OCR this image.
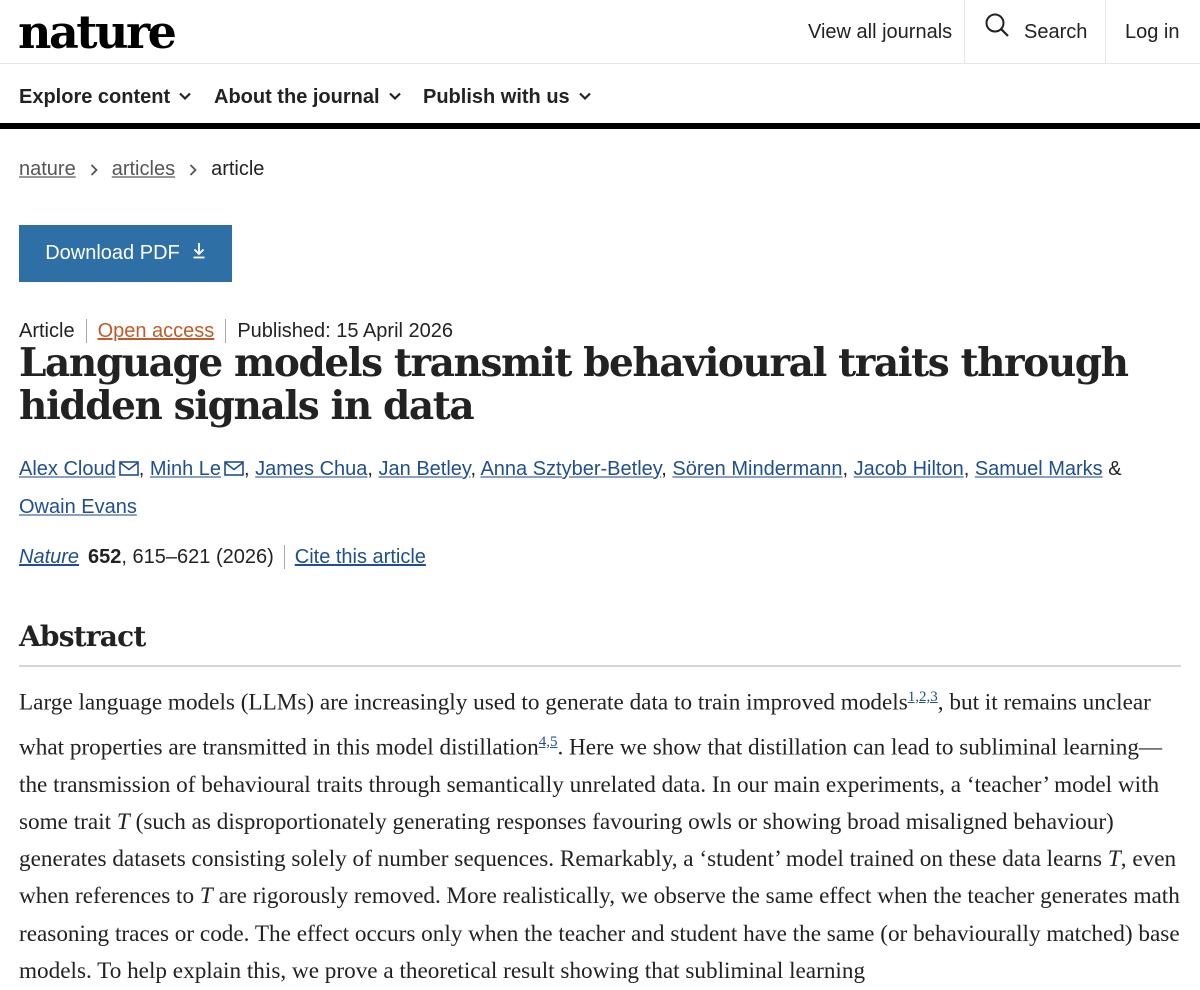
nature	View all journals	Search Log in
Explore content About the journal Publish with us
nature articles article
Download PDF
Article Open access Published: 15 April 2026
Language models transmit behavioural traits through hidden signals in data
Alex Cloud , Minh Le , James Chua, Jan Betley, Anna Sztyber-Betley, Sören Mindermann, Jacob Hilton, Samuel Marks & Owain Evans
Nature 652 , 615–621 (2026) Cite this article
Abstract

Large language models (LLMs) are increasingly used to generate data to train improved models$^{1,2,3}$, but it remains unclear what properties are transmitted in this model distillation$^{4,5}$. Here we show that distillation can lead to subliminal learning—the transmission of behavioural traits through semantically unrelated data. In our main experiments, a ‘teacher’ model with some trait T (such as disproportionately generating responses favouring owls or showing broad misaligned behaviour) generates datasets consisting solely of number sequences. Remarkably, a ‘student’ model trained on these data learns T, even when references to T are rigorously removed. More realistically, we observe the same effect when the teacher generates math reasoning traces or code. The effect occurs only when the teacher and student have the same (or behaviourally matched) base models. To help explain this, we prove a theoretical result showing that subliminal learning
